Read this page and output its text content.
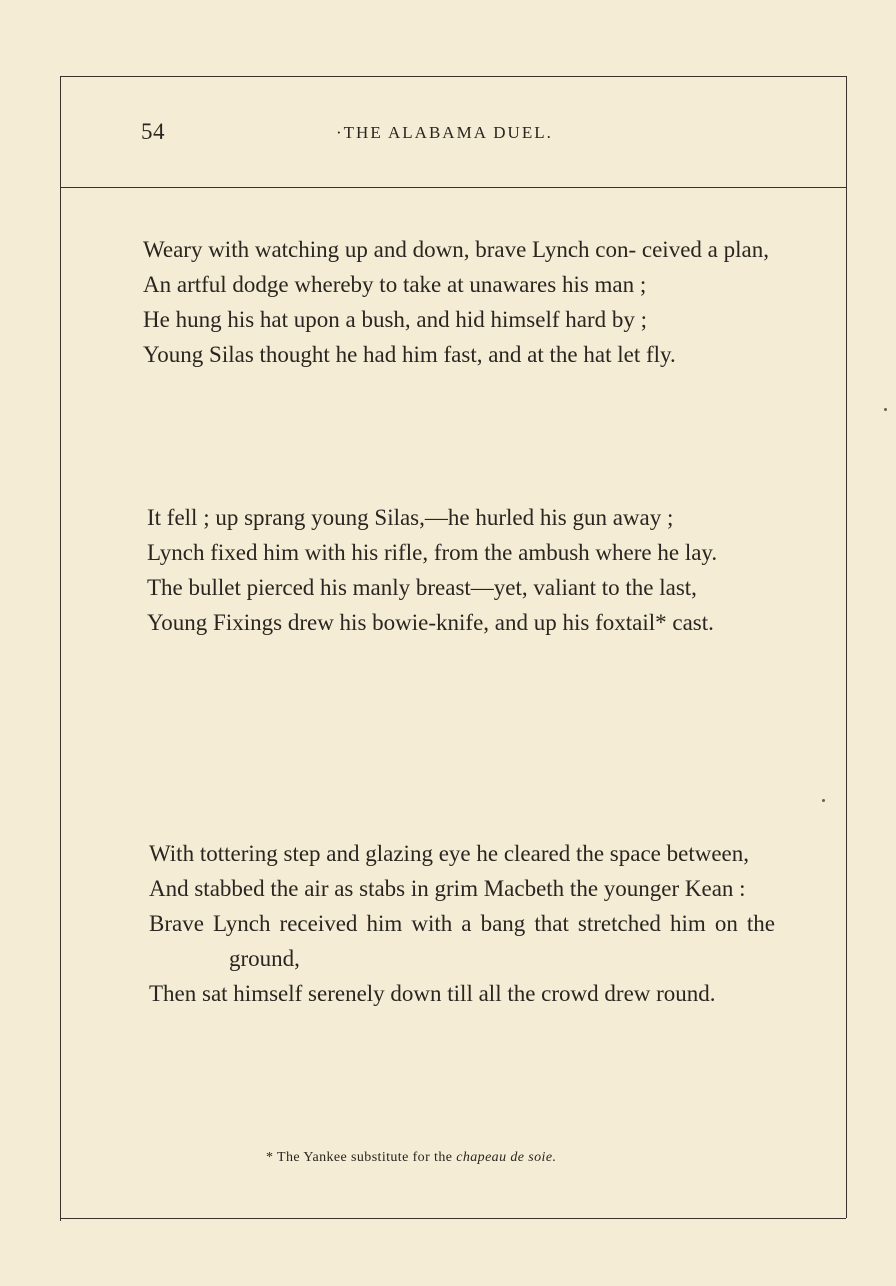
54	·THE ALABAMA DUEL.
Weary with watching up and down, brave Lynch con- ceived a plan,
An artful dodge whereby to take at unawares his man ;
He hung his hat upon a bush, and hid himself hard by ;
Young Silas thought he had him fast, and at the hat let fly.
It fell ; up sprang young Silas,—he hurled his gun away ;
Lynch fixed him with his rifle, from the ambush where he lay.
The bullet pierced his manly breast—yet, valiant to the last,
Young Fixings drew his bowie-knife, and up his foxtail* cast.
With tottering step and glazing eye he cleared the space between,
And stabbed the air as stabs in grim Macbeth the younger Kean :
Brave Lynch received him with a bang that stretched him on the ground,
Then sat himself serenely down till all the crowd drew round.
* The Yankee substitute for the chapeau de soie.
